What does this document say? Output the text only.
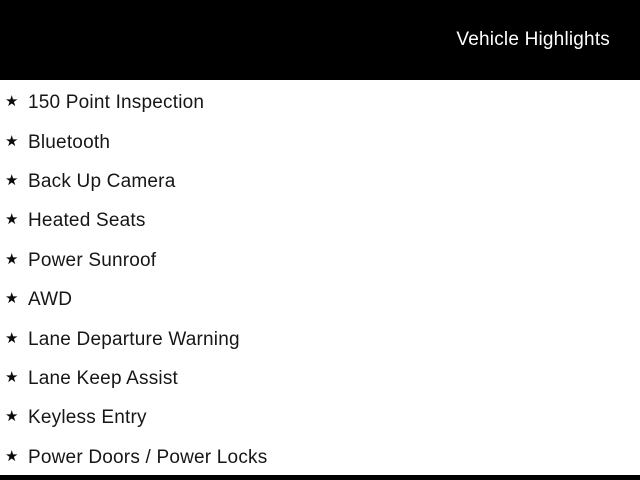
Vehicle Highlights
★ 150 Point Inspection
★ Bluetooth
★ Back Up Camera
★ Heated Seats
★ Power Sunroof
★ AWD
★ Lane Departure Warning
★ Lane Keep Assist
★ Keyless Entry
★ Power Doors / Power Locks
